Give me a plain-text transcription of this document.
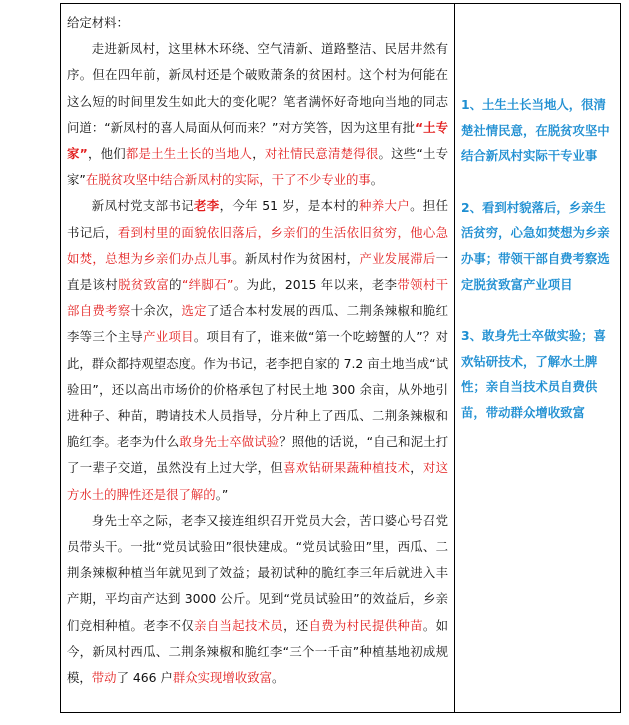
给定材料：

走进新凤村，这里林木环绕、空气清新、道路整洁、民居井然有序。但在四年前，新凤村还是个破败萧条的贫困村。这个村为何能在这么短的时间里发生如此大的变化呢？笔者满怀好奇地向当地的同志问道：“新凤村的喜人局面从何而来？”对方笑答，因为这里有批“土专家”，他们都是土生土长的当地人，对社情民意清楚得很。这些“土专家”在脱贫攻坚中结合新凤村的实际，干了不少专业的事。

新凤村党支部书记老李，今年 51 岁，是本村的种养大户。担任书记后，看到村里的面貌依旧落后，乡亲们的生活依旧贫穷，他心急如焚，总想为乡亲们办点儿事。新凤村作为贫困村，产业发展滞后一直是该村脱贫致富的“绊脚石”。为此，2015 年以来，老李带领村干部自费考察十余次，选定了适合本村发展的西瓜、二荆条辣椒和脆红李等三个主导产业项目。项目有了，谁来做“第一个吃螃蟹的人”？对此，群众都持观望态度。作为书记，老李把自家的 7.2 亩土地当成“试验田”，还以高出市场价的价格承包了村民土地 300 余亩，从外地引进种子、种苗，聘请技术人员指导，分片种上了西瓜、二荆条辣椒和脆红李。老李为什么敢身先士卒做试验？照他的话说，“自己和泥土打了一辈子交道，虽然没有上过大学，但喜欢钻研果蔬种植技术，对这方水土的脾性还是很了解的。”

身先士卒之际，老李又接连组织召开党员大会，苦口婆心号召党员带头干。一批“党员试验田”很快建成。“党员试验田”里，西瓜、二荆条辣椒种植当年就见到了效益；最初试种的脆红李三年后就进入丰产期，平均亩产达到 3000 公斤。见到“党员试验田”的效益后，乡亲们竞相种植。老李不仅亲自当起技术员，还自费为村民提供种苗。如今，新凤村西瓜、二荆条辣椒和脆红李“三个一千亩”种植基地初成规模，带动了 466 户群众实现增收致富。

1、土生土长当地人，很清楚社情民意，在脱贫攻坚中结合新凤村实际干专业事

2、看到村貌落后，乡亲生活贫穷，心急如焚想为乡亲办事；带领干部自费考察选定脱贫致富产业项目

3、敢身先士卒做实验；喜欢钻研技术，了解水土脾性；亲自当技术员自费供苗，带动群众增收致富
